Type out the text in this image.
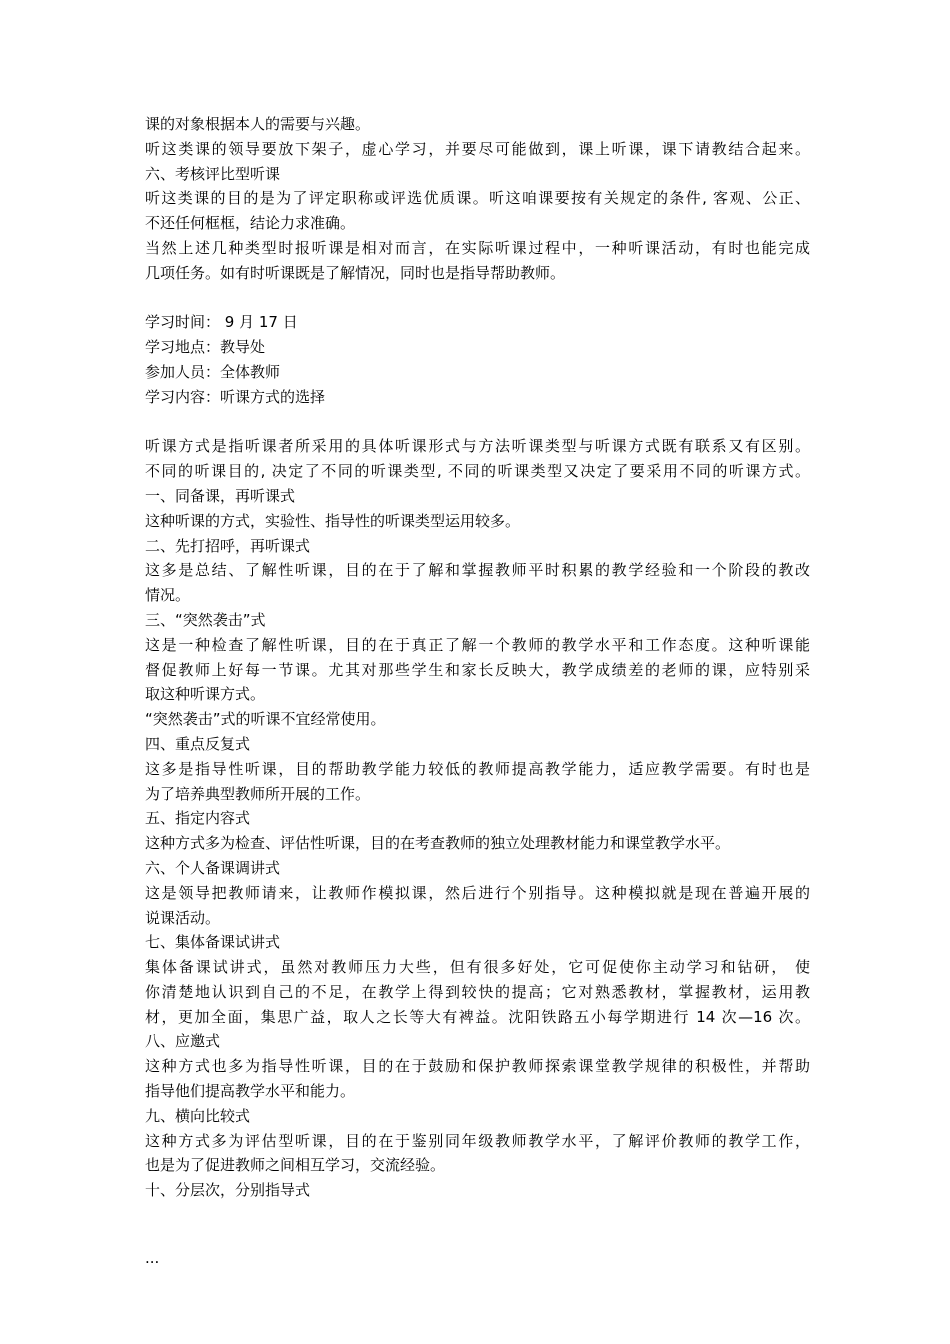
课的对象根据本人的需要与兴趣。
听这类课的领导要放下架子，虚心学习，并要尽可能做到，课上听课，课下请教结合起来。
六、考核评比型听课
听这类课的目的是为了评定职称或评选优质课。听这咱课要按有关规定的条件, 客观、公正、
不还任何框框，结论力求准确。
当然上述几种类型时报听课是相对而言，在实际听课过程中，一种听课活动，有时也能完成
几项任务。如有时听课既是了解情况，同时也是指导帮助教师。
学习时间： 9 月 17 日
学习地点：教导处
参加人员：全体教师
学习内容：听课方式的选择
听课方式是指听课者所采用的具体听课形式与方法听课类型与听课方式既有联系又有区别。
不同的听课目的, 决定了不同的听课类型, 不同的听课类型又决定了要采用不同的听课方式。
一、同备课，再听课式
这种听课的方式，实验性、指导性的听课类型运用较多。
二、先打招呼，再听课式
这多是总结、了解性听课，目的在于了解和掌握教师平时积累的教学经验和一个阶段的教改
情况。
三、“突然袭击”式
这是一种检查了解性听课，目的在于真正了解一个教师的教学水平和工作态度。这种听课能
督促教师上好每一节课。尤其对那些学生和家长反映大，教学成绩差的老师的课，应特别采
取这种听课方式。
“突然袭击”式的听课不宜经常使用。
四、重点反复式
这多是指导性听课，目的帮助教学能力较低的教师提高教学能力，适应教学需要。有时也是
为了培养典型教师所开展的工作。
五、指定内容式
这种方式多为检查、评估性听课，目的在考查教师的独立处理教材能力和课堂教学水平。
六、个人备课调讲式
这是领导把教师请来，让教师作模拟课，然后进行个别指导。这种模拟就是现在普遍开展的
说课活动。
七、集体备课试讲式
集体备课试讲式，虽然对教师压力大些，但有很多好处，它可促使你主动学习和钻研， 使
你清楚地认识到自己的不足，在教学上得到较快的提高；它对熟悉教材，掌握教材，运用教
材，更加全面，集思广益，取人之长等大有裨益。沈阳铁路五小每学期进行 14 次—16 次。
八、应邀式
这种方式也多为指导性听课，目的在于鼓励和保护教师探索课堂教学规律的积极性，并帮助
指导他们提高教学水平和能力。
九、横向比较式
这种方式多为评估型听课，目的在于鉴别同年级教师教学水平，了解评价教师的教学工作，
也是为了促进教师之间相互学习，交流经验。
十、分层次，分别指导式
...
